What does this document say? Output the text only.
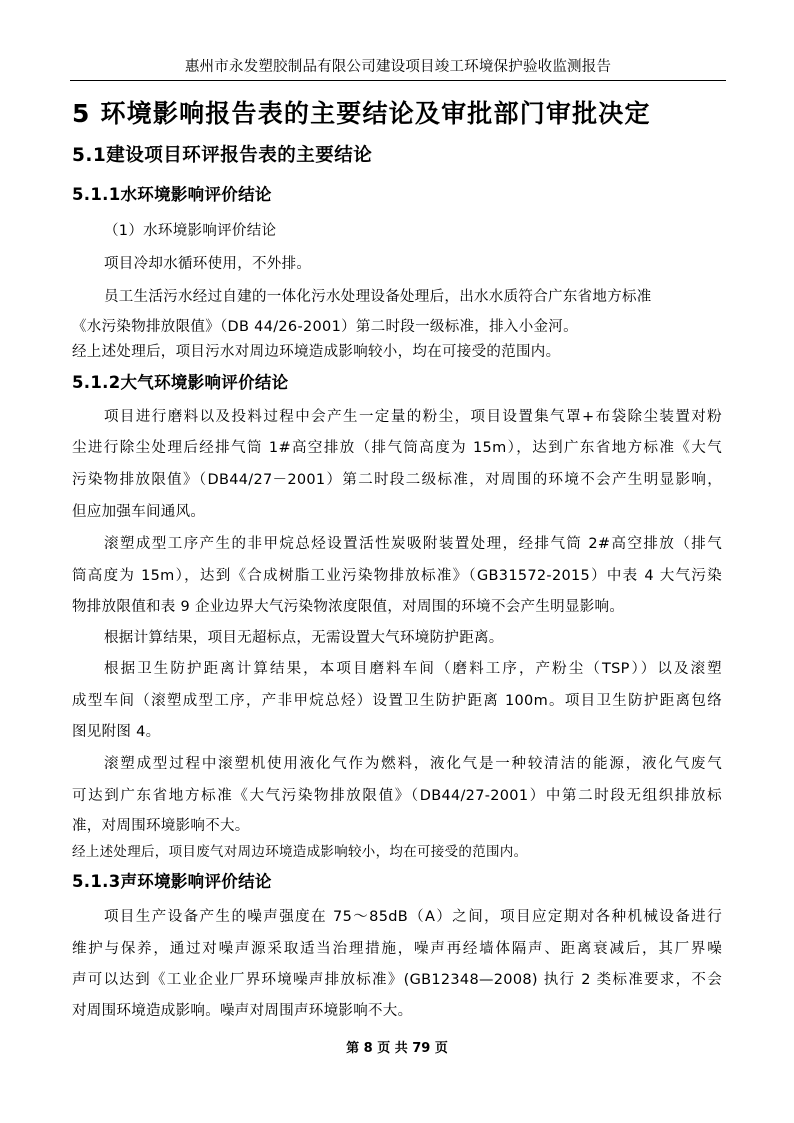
惠州市永发塑胶制品有限公司建设项目竣工环境保护验收监测报告
5 环境影响报告表的主要结论及审批部门审批决定
5.1建设项目环评报告表的主要结论
5.1.1水环境影响评价结论
（1）水环境影响评价结论
项目冷却水循环使用，不外排。
员工生活污水经过自建的一体化污水处理设备处理后，出水水质符合广东省地方标准
《水污染物排放限值》（DB 44/26-2001）第二时段一级标准，排入小金河。
经上述处理后，项目污水对周边环境造成影响较小，均在可接受的范围内。
5.1.2大气环境影响评价结论
项目进行磨料以及投料过程中会产生一定量的粉尘，项目设置集气罩+布袋除尘装置对粉
尘进行除尘处理后经排气筒 1#高空排放（排气筒高度为 15m），达到广东省地方标准《大气
污染物排放限值》（DB44/27－2001）第二时段二级标准，对周围的环境不会产生明显影响，
但应加强车间通风。
滚塑成型工序产生的非甲烷总烃设置活性炭吸附装置处理，经排气筒 2#高空排放（排气
筒高度为 15m），达到《合成树脂工业污染物排放标准》（GB31572-2015）中表 4 大气污染
物排放限值和表 9 企业边界大气污染物浓度限值，对周围的环境不会产生明显影响。
根据计算结果，项目无超标点，无需设置大气环境防护距离。
根据卫生防护距离计算结果，本项目磨料车间（磨料工序，产粉尘（TSP））以及滚塑
成型车间（滚塑成型工序，产非甲烷总烃）设置卫生防护距离 100m。项目卫生防护距离包络
图见附图 4。
滚塑成型过程中滚塑机使用液化气作为燃料，液化气是一种较清洁的能源，液化气废气
可达到广东省地方标准《大气污染物排放限值》（DB44/27-2001）中第二时段无组织排放标
准，对周围环境影响不大。
经上述处理后，项目废气对周边环境造成影响较小，均在可接受的范围内。
5.1.3声环境影响评价结论
项目生产设备产生的噪声强度在 75～85dB（A）之间，项目应定期对各种机械设备进行
维护与保养，通过对噪声源采取适当治理措施，噪声再经墙体隔声、距离衰减后，其厂界噪
声可以达到《工业企业厂界环境噪声排放标准》(GB12348—2008) 执行 2 类标准要求，不会
对周围环境造成影响。噪声对周围声环境影响不大。
第 8 页 共 79 页
